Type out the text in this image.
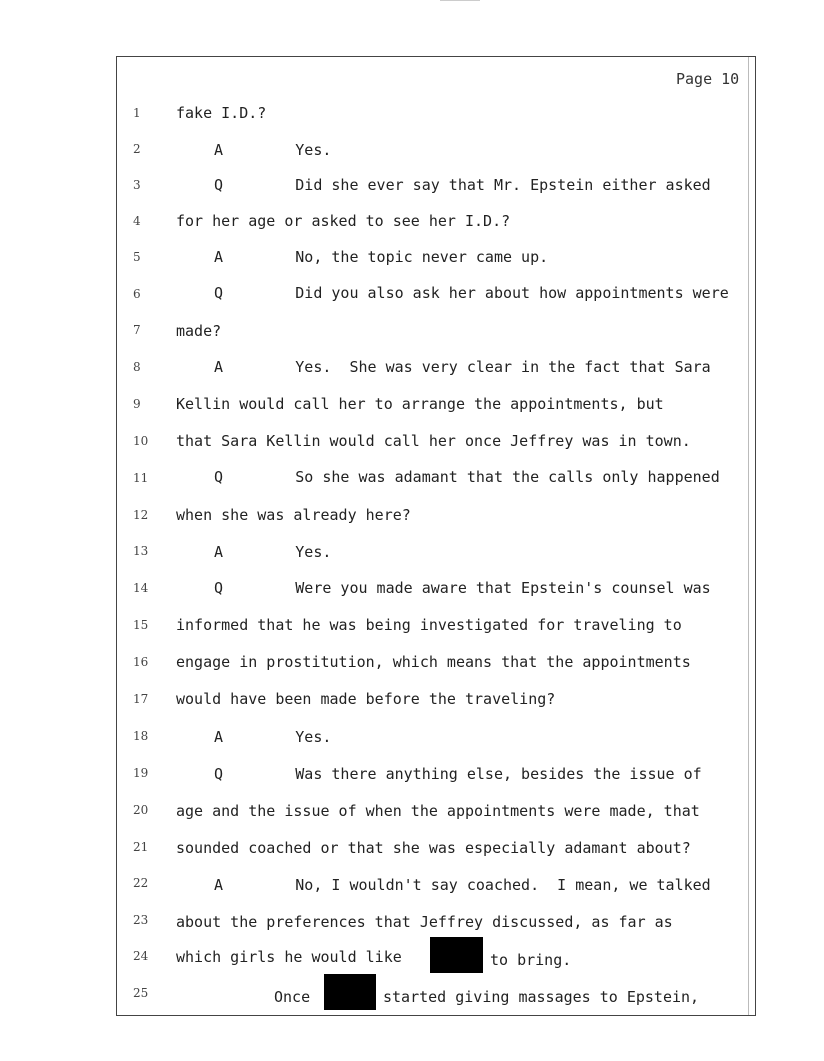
Page 10
1
2
3
4
5
6
7
8
9
10
11
12
13
14
15
16
17
18
19
20
21
22
23
24
25
fake I.D.?
A        Yes.
Q        Did she ever say that Mr. Epstein either asked
for her age or asked to see her I.D.?
A        No, the topic never came up.
Q        Did you also ask her about how appointments were
made?
A        Yes.  She was very clear in the fact that Sara
Kellin would call her to arrange the appointments, but
that Sara Kellin would call her once Jeffrey was in town.
Q        So she was adamant that the calls only happened
when she was already here?
A        Yes.
Q        Were you made aware that Epstein's counsel was
informed that he was being investigated for traveling to
engage in prostitution, which means that the appointments
would have been made before the traveling?
A        Yes.
Q        Was there anything else, besides the issue of
age and the issue of when the appointments were made, that
sounded coached or that she was especially adamant about?
A        No, I wouldn't say coached.  I mean, we talked
about the preferences that Jeffrey discussed, as far as
which girls he would like	to bring.
Once	started giving massages to Epstein,
